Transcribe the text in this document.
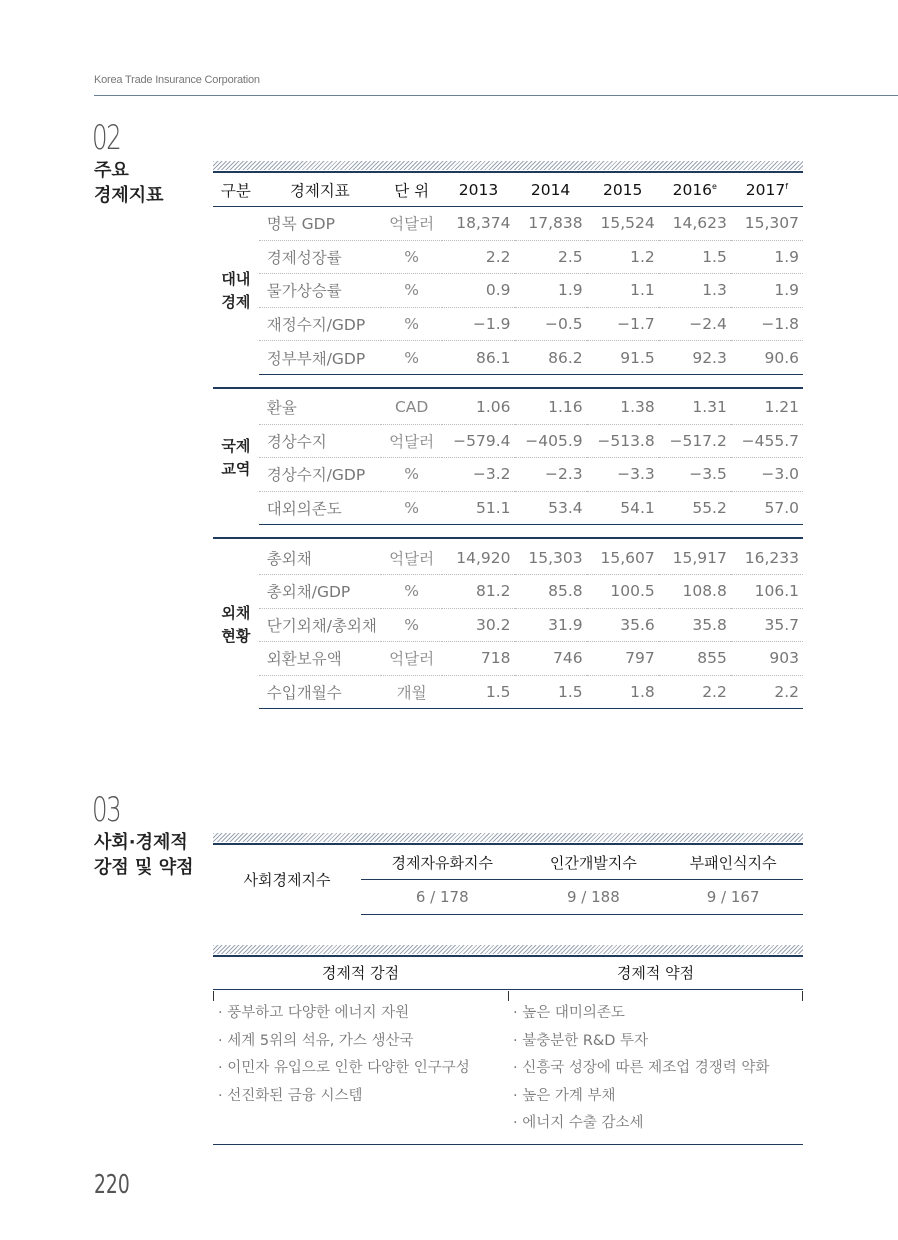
Korea Trade Insurance Corporation
02
주요
경제지표	구분	경제지표	단 위	2013	2014	2015	2016e	2017$^f$

대내
경제	명목 GDP	억달러	18,374	17,838	15,524	14,623	15,307
	경제성장률	%	2.2	2.5	1.2	1.5	1.9
	물가상승률	%	0.9	1.9	1.1	1.3	1.9
	재정수지/GDP	%	−1.9	−0.5	−1.7	−2.4	−1.8
	정부부채/GDP	%	86.1	86.2	91.5	92.3	90.6

국제
교역	환율	CAD	1.06	1.16	1.38	1.31	1.21
	경상수지	억달러	−579.4	−405.9	−513.8	−517.2	−455.7
	경상수지/GDP	%	−3.2	−2.3	−3.3	−3.5	−3.0
	대외의존도	%	51.1	53.4	54.1	55.2	57.0

외채
현황	총외채	억달러	14,920	15,303	15,607	15,917	16,233
	총외채/GDP	%	81.2	85.8	100.5	108.8	106.1
	단기외채/총외채	%	30.2	31.9	35.6	35.8	35.7
	외환보유액	억달러	718	746	797	855	903
	수입개월수	개월	1.5	1.5	1.8	2.2	2.2
03
사회·경제적
강점 및 약점
사회경제지수	경제자유화지수	인간개발지수	부패인식지수
	6 / 178	9 / 188	9 / 167
경제적 강점	경제적 약점
· 풍부하고 다양한 에너지 자원
· 세계 5위의 석유, 가스 생산국
· 이민자 유입으로 인한 다양한 인구구성
· 선진화된 금융 시스템
· 높은 대미의존도
· 불충분한 R&D 투자
· 신흥국 성장에 따른 제조업 경쟁력 약화
· 높은 가계 부채
· 에너지 수출 감소세
220
